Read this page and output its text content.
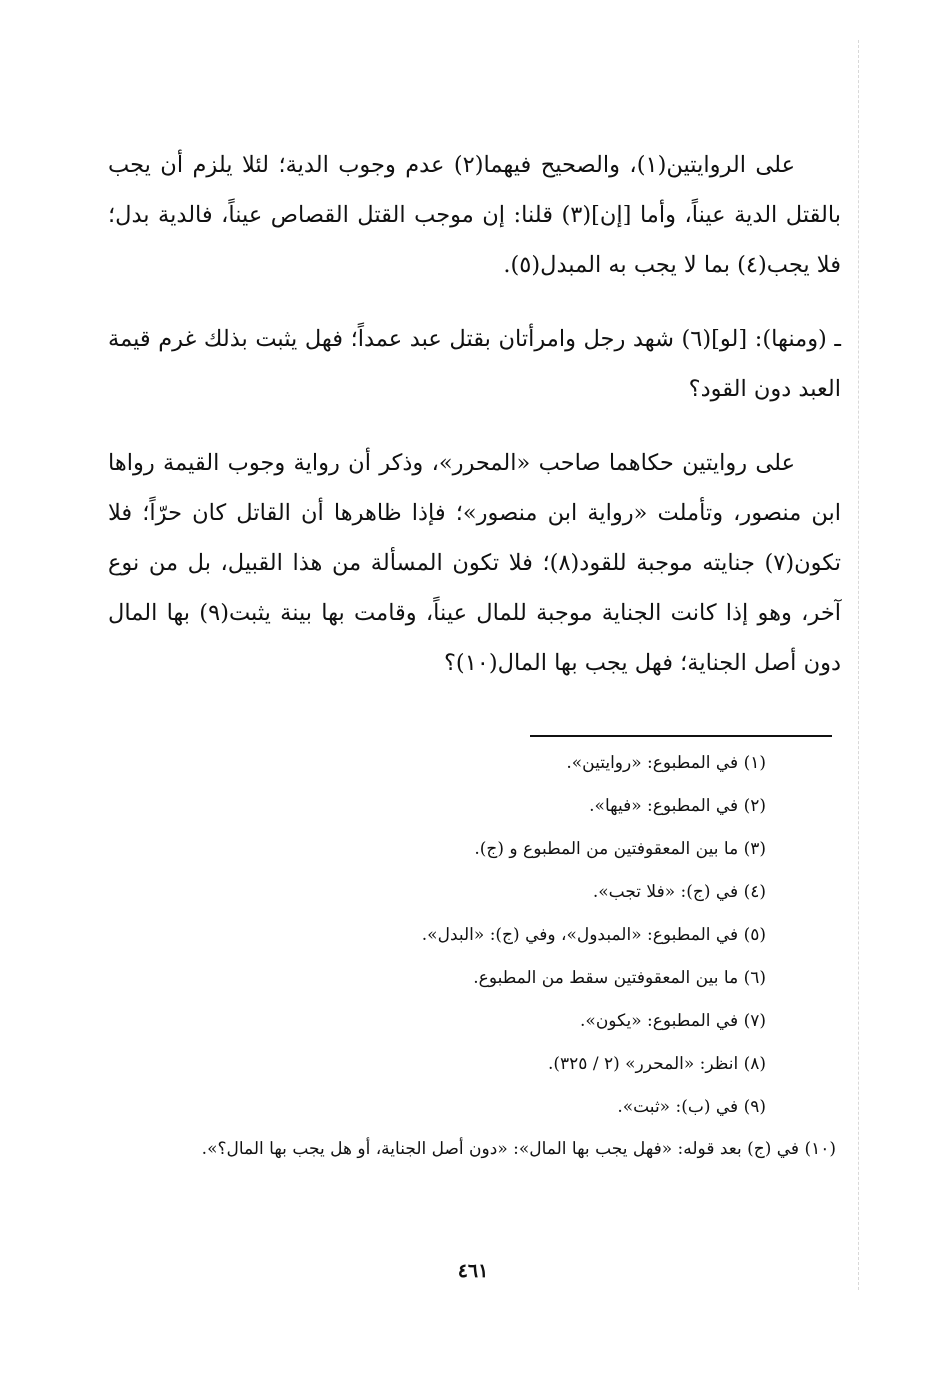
على الروايتين(١)، والصحيح فيهما(٢) عدم وجوب الدية؛ لئلا يلزم أن يجب بالقتل الدية عيناً، وأما [إن](٣) قلنا: إن موجب القتل القصاص عيناً، فالدية بدل؛ فلا يجب(٤) بما لا يجب به المبدل(٥).

ـ (ومنها): [لو](٦) شهد رجل وامرأتان بقتل عبد عمداً؛ فهل يثبت بذلك غرم قيمة العبد دون القود؟

على روايتين حكاهما صاحب «المحرر»، وذكر أن رواية وجوب القيمة رواها ابن منصور، وتأملت «رواية ابن منصور»؛ فإذا ظاهرها أن القاتل كان حرّاً؛ فلا تكون(٧) جنايته موجبة للقود(٨)؛ فلا تكون المسألة من هذا القبيل، بل من نوع آخر، وهو إذا كانت الجناية موجبة للمال عيناً، وقامت بها بينة يثبت(٩) بها المال دون أصل الجناية؛ فهل يجب بها المال(١٠)؟

(١) في المطبوع: «روايتين».

(٢) في المطبوع: «فيها».

(٣) ما بين المعقوفتين من المطبوع و (ج).

(٤) في (ج): «فلا تجب».

(٥) في المطبوع: «المبدول»، وفي (ج): «البدل».

(٦) ما بين المعقوفتين سقط من المطبوع.

(٧) في المطبوع: «يكون».

(٨) انظر: «المحرر» (٢ / ٣٢٥).

(٩) في (ب): «ثبت».

(١٠) في (ج) بعد قوله: «فهل يجب بها المال»: «دون أصل الجناية، أو هل يجب بها المال؟».

٤٦١
